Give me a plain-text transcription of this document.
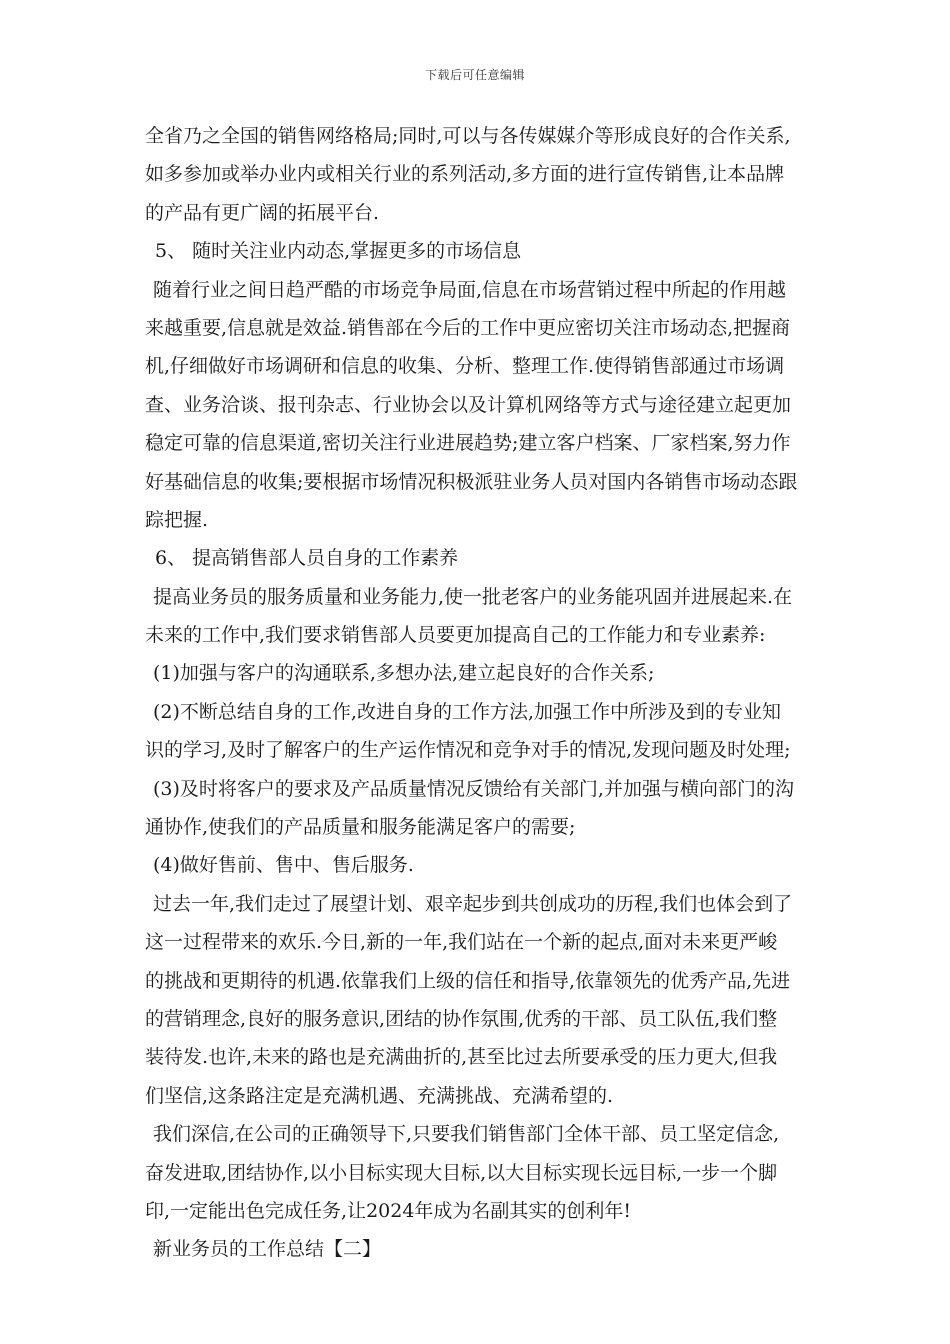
下载后可任意编辑
全省乃之全国的销售网络格局;同时,可以与各传媒媒介等形成良好的合作关系,
如多参加或举办业内或相关行业的系列活动,多方面的进行宣传销售,让本品牌
的产品有更广阔的拓展平台.
5、 随时关注业内动态,掌握更多的市场信息
随着行业之间日趋严酷的市场竞争局面,信息在市场营销过程中所起的作用越
来越重要,信息就是效益.销售部在今后的工作中更应密切关注市场动态,把握商
机,仔细做好市场调研和信息的收集、分析、整理工作.使得销售部通过市场调
查、业务洽谈、报刊杂志、行业协会以及计算机网络等方式与途径建立起更加
稳定可靠的信息渠道,密切关注行业进展趋势;建立客户档案、厂家档案,努力作
好基础信息的收集;要根据市场情况积极派驻业务人员对国内各销售市场动态跟
踪把握.
6、 提高销售部人员自身的工作素养
提高业务员的服务质量和业务能力,使一批老客户的业务能巩固并进展起来.在
未来的工作中,我们要求销售部人员要更加提高自己的工作能力和专业素养:
(1)加强与客户的沟通联系,多想办法,建立起良好的合作关系;
(2)不断总结自身的工作,改进自身的工作方法,加强工作中所涉及到的专业知
识的学习,及时了解客户的生产运作情况和竞争对手的情况,发现问题及时处理;
(3)及时将客户的要求及产品质量情况反馈给有关部门,并加强与横向部门的沟
通协作,使我们的产品质量和服务能满足客户的需要;
(4)做好售前、售中、售后服务.
过去一年,我们走过了展望计划、艰辛起步到共创成功的历程,我们也体会到了
这一过程带来的欢乐.今日,新的一年,我们站在一个新的起点,面对未来更严峻
的挑战和更期待的机遇.依靠我们上级的信任和指导,依靠领先的优秀产品,先进
的营销理念,良好的服务意识,团结的协作氛围,优秀的干部、员工队伍,我们整
装待发.也许,未来的路也是充满曲折的,甚至比过去所要承受的压力更大,但我
们坚信,这条路注定是充满机遇、充满挑战、充满希望的.
我们深信,在公司的正确领导下,只要我们销售部门全体干部、员工坚定信念,
奋发进取,团结协作,以小目标实现大目标,以大目标实现长远目标,一步一个脚
印,一定能出色完成任务,让2024年成为名副其实的创利年!
新业务员的工作总结【二】
